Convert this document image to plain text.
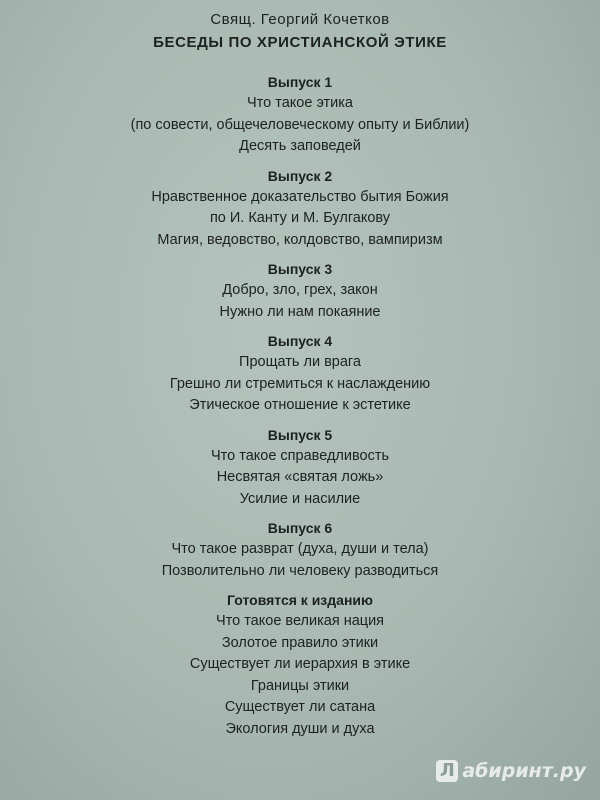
Свящ. Георгий Кочетков
БЕСЕДЫ ПО ХРИСТИАНСКОЙ ЭТИКЕ
Выпуск 1
Что такое этика
(по совести, общечеловеческому опыту и Библии)
Десять заповедей
Выпуск 2
Нравственное доказательство бытия Божия
по И. Канту и М. Булгакову
Магия, ведовство, колдовство, вампиризм
Выпуск 3
Добро, зло, грех, закон
Нужно ли нам покаяние
Выпуск 4
Прощать ли врага
Грешно ли стремиться к наслаждению
Этическое отношение к эстетике
Выпуск 5
Что такое справедливость
Несвятая «святая ложь»
Усилие и насилие
Выпуск 6
Что такое разврат (духа, души и тела)
Позволительно ли человеку разводиться
Готовятся к изданию
Что такое великая нация
Золотое правило этики
Существует ли иерархия в этике
Границы этики
Существует ли сатана
Экология души и духа
Л абиринт.ру
